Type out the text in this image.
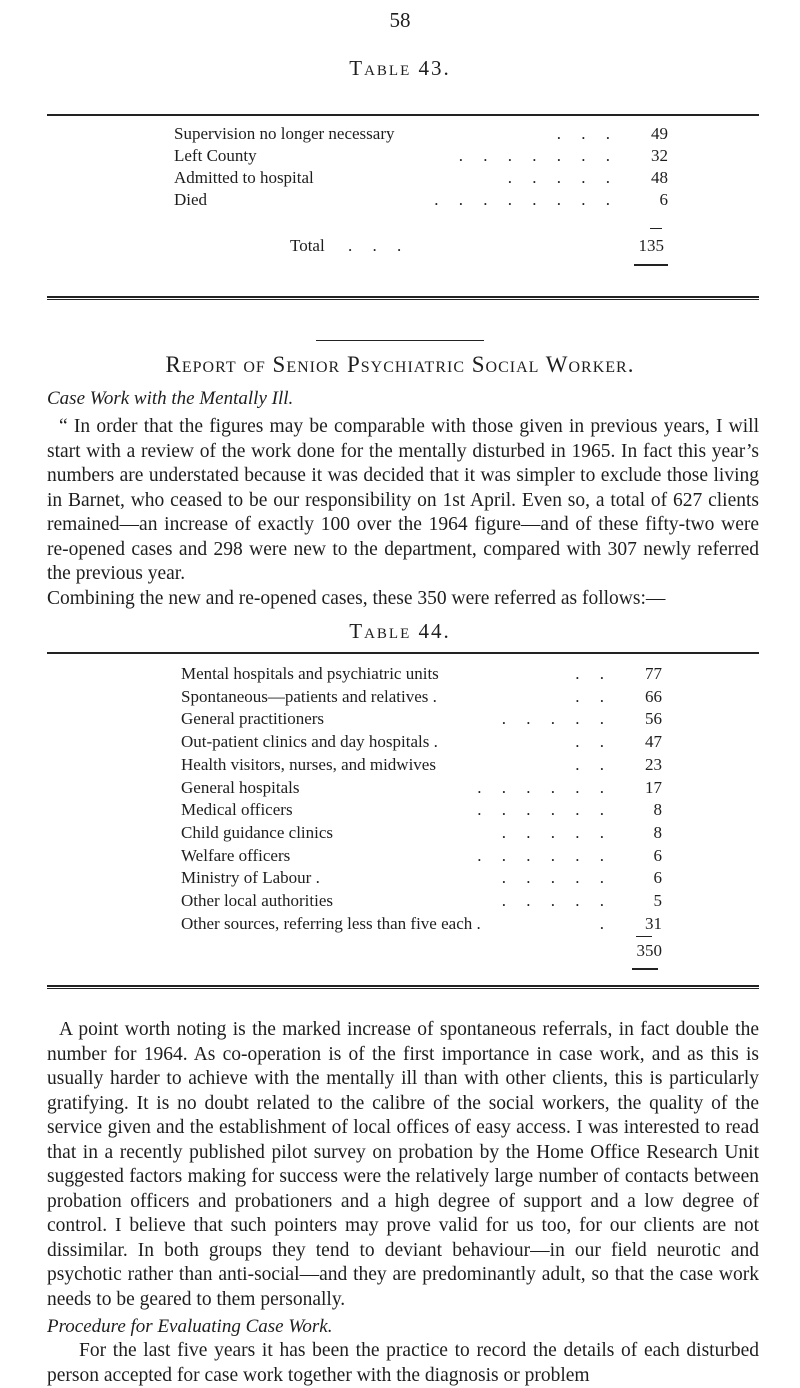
58
Table 43.
Supervision no longer necessary	. . .	49
Left County	. . . . . . .	32
Admitted to hospital	. . . . .	48
Died	. . . . . . . .	6
Total . . .	135
Report of Senior Psychiatric Social Worker.
Case Work with the Mentally Ill.
“ In order that the figures may be comparable with those given in previous years, I will start with a review of the work done for the mentally disturbed in 1965. In fact this year’s numbers are understated because it was decided that it was simpler to exclude those living in Barnet, who ceased to be our responsibility on 1st April. Even so, a total of 627 clients remained—an increase of exactly 100 over the 1964 figure—and of these fifty-two were re-opened cases and 298 were new to the department, compared with 307 newly referred the previous year.
Combining the new and re-opened cases, these 350 were referred as follows:—
Table 44.
Mental hospitals and psychiatric units	. .	77
Spontaneous—patients and relatives .	. .	66
General practitioners	. . . . .	56
Out-patient clinics and day hospitals .	. .	47
Health visitors, nurses, and midwives	. .	23
General hospitals	. . . . . .	17
Medical officers	. . . . . .	8
Child guidance clinics	. . . . .	8
Welfare officers	. . . . . .	6
Ministry of Labour .	. . . . .	6
Other local authorities	. . . . .	5
Other sources, referring less than five each .	.	31
350
A point worth noting is the marked increase of spontaneous referrals, in fact double the number for 1964. As co-operation is of the first importance in case work, and as this is usually harder to achieve with the mentally ill than with other clients, this is particularly gratifying. It is no doubt related to the calibre of the social workers, the quality of the service given and the establishment of local offices of easy access. I was interested to read that in a recently published pilot survey on probation by the Home Office Research Unit suggested factors making for success were the relatively large number of contacts between probation officers and probationers and a high degree of support and a low degree of control. I believe that such pointers may prove valid for us too, for our clients are not dissimilar. In both groups they tend to deviant behaviour—in our field neurotic and psychotic rather than anti-social—and they are predominantly adult, so that the case work needs to be geared to them personally.
Procedure for Evaluating Case Work.
For the last five years it has been the practice to record the details of each disturbed person accepted for case work together with the diagnosis or problem
